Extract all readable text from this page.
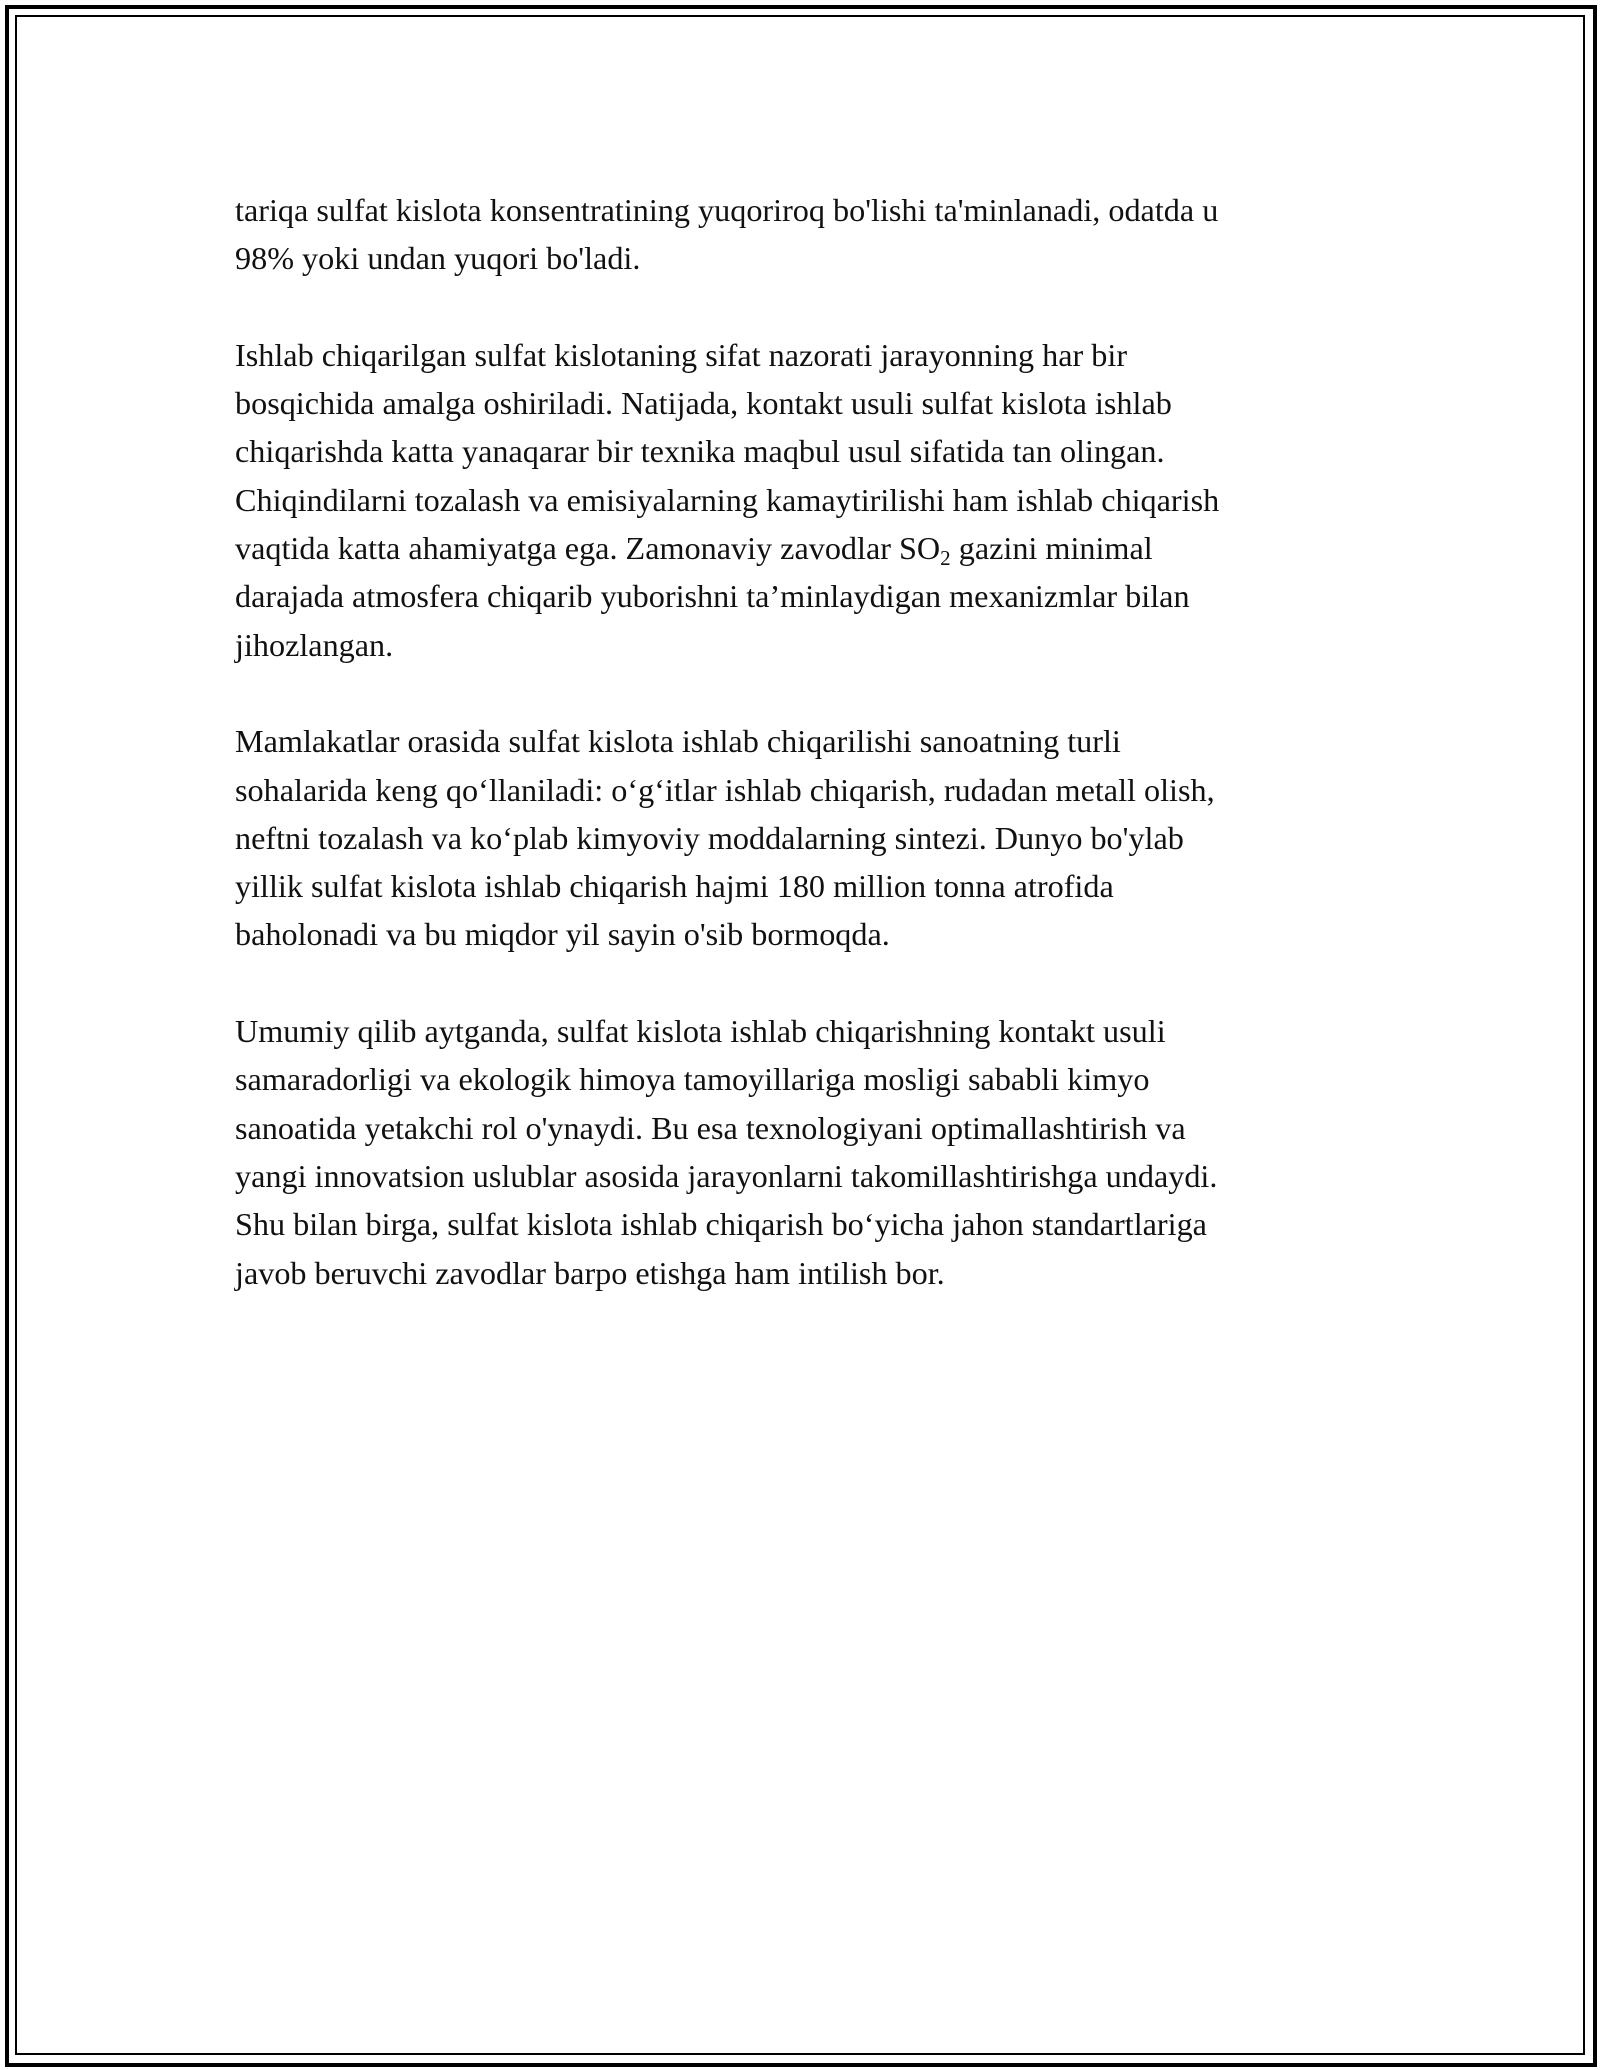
tariqa sulfat kislota konsentratining yuqoriroq bo'lishi ta'minlanadi, odatda u
98% yoki undan yuqori bo'ladi.

Ishlab chiqarilgan sulfat kislotaning sifat nazorati jarayonning har bir
bosqichida amalga oshiriladi. Natijada, kontakt usuli sulfat kislota ishlab
chiqarishda katta yanaqarar bir texnika maqbul usul sifatida tan olingan.
Chiqindilarni tozalash va emisiyalarning kamaytirilishi ham ishlab chiqarish
vaqtida katta ahamiyatga ega. Zamonaviy zavodlar $SO_2$ gazini minimal
darajada atmosfera chiqarib yuborishni ta’minlaydigan mexanizmlar bilan
jihozlangan.

Mamlakatlar orasida sulfat kislota ishlab chiqarilishi sanoatning turli
sohalarida keng qo‘llaniladi: o‘g‘itlar ishlab chiqarish, rudadan metall olish,
neftni tozalash va ko‘plab kimyoviy moddalarning sintezi. Dunyo bo'ylab
yillik sulfat kislota ishlab chiqarish hajmi 180 million tonna atrofida
baholonadi va bu miqdor yil sayin o'sib bormoqda.

Umumiy qilib aytganda, sulfat kislota ishlab chiqarishning kontakt usuli
samaradorligi va ekologik himoya tamoyillariga mosligi sababli kimyo
sanoatida yetakchi rol o'ynaydi. Bu esa texnologiyani optimallashtirish va
yangi innovatsion uslublar asosida jarayonlarni takomillashtirishga undaydi.
Shu bilan birga, sulfat kislota ishlab chiqarish bo‘yicha jahon standartlariga
javob beruvchi zavodlar barpo etishga ham intilish bor.
